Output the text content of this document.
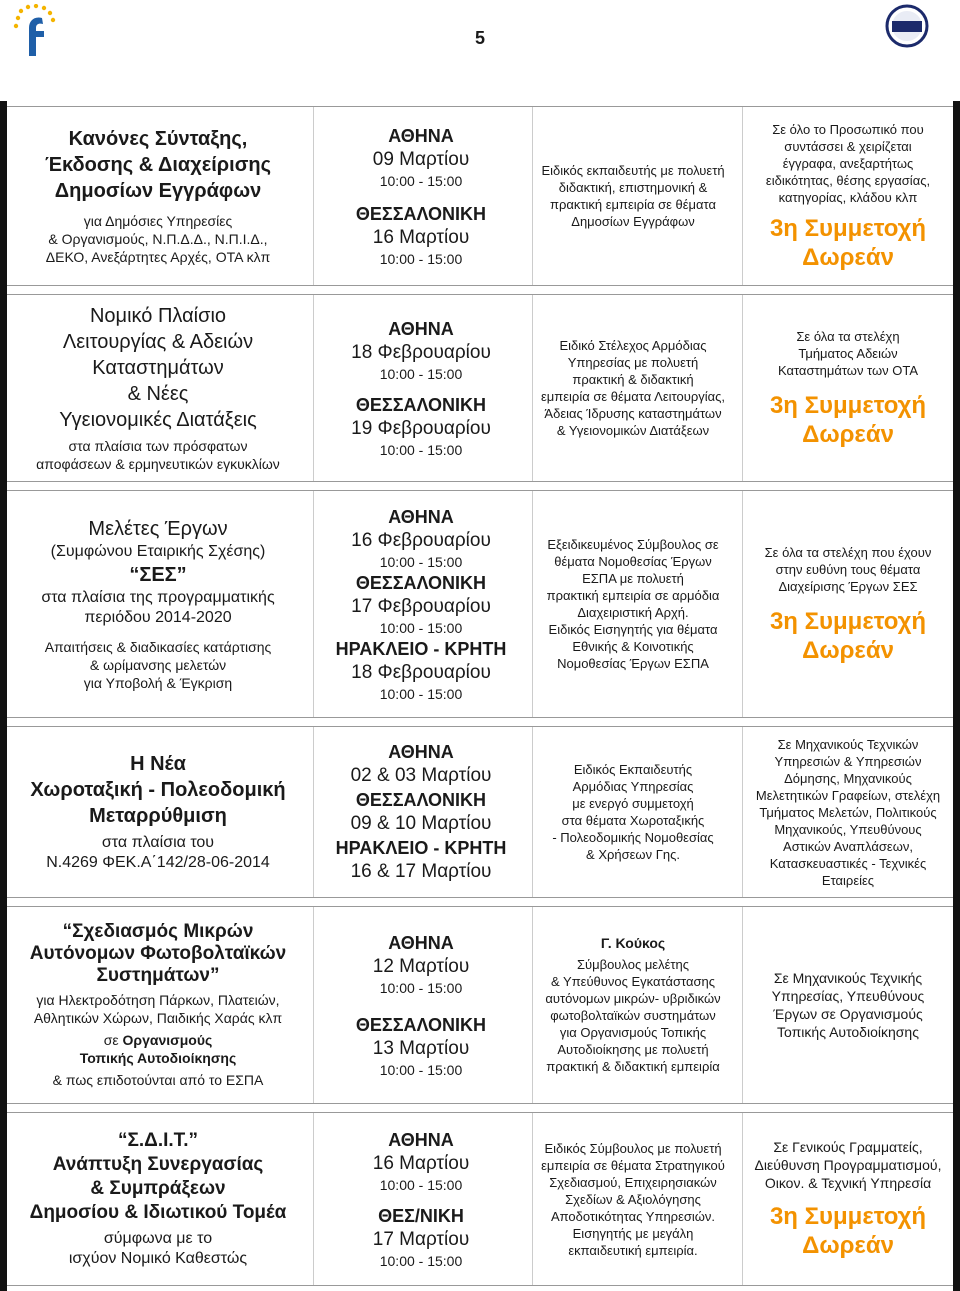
5
Κανόνες Σύνταξης,
Έκδοσης & Διαχείρισης
Δημοσίων Εγγράφων
για Δημόσιες Υπηρεσίες
& Οργανισμούς, Ν.Π.Δ.Δ., Ν.Π.Ι.Δ.,
ΔΕΚΟ, Ανεξάρτητες Αρχές, ΟΤΑ κλπ
ΑΘΗΝΑ
09 Μαρτίου
10:00 - 15:00
ΘΕΣΣΑΛΟΝΙΚΗ
16 Μαρτίου
10:00 - 15:00
Ειδικός εκπαιδευτής με πολυετή
διδακτική, επιστημονική &
πρακτική εμπειρία σε θέματα
Δημοσίων Εγγράφων
Σε όλο το Προσωπικό που
συντάσσει & χειρίζεται
έγγραφα, ανεξαρτήτως
ειδικότητας, θέσης εργασίας,
κατηγορίας, κλάδου κλπ
3η Συμμετοχή
Δωρεάν
Νομικό Πλαίσιο
Λειτουργίας & Αδειών
Καταστημάτων
& Νέες
Υγειονομικές Διατάξεις
στα πλαίσια των πρόσφατων
αποφάσεων & ερμηνευτικών εγκυκλίων
ΑΘΗΝΑ
18 Φεβρουαρίου
10:00 - 15:00
ΘΕΣΣΑΛΟΝΙΚΗ
19 Φεβρουαρίου
10:00 - 15:00
Ειδικό Στέλεχος Αρμόδιας
Υπηρεσίας με πολυετή
πρακτική & διδακτική
εμπειρία σε θέματα Λειτουργίας,
Άδειας Ίδρυσης καταστημάτων
& Υγειονομικών Διατάξεων
Σε όλα τα στελέχη
Τμήματος Αδειών
Καταστημάτων των ΟΤΑ
3η Συμμετοχή
Δωρεάν
Μελέτες Έργων
(Συμφώνου Εταιρικής Σχέσης)
“ΣΕΣ”
στα πλαίσια της προγραμματικής
περιόδου 2014-2020
Απαιτήσεις & διαδικασίες κατάρτισης
& ωρίμανσης μελετών
για Υποβολή & Έγκριση
ΑΘΗΝΑ
16 Φεβρουαρίου
10:00 - 15:00
ΘΕΣΣΑΛΟΝΙΚΗ
17 Φεβρουαρίου
10:00 - 15:00
ΗΡΑΚΛΕΙΟ - ΚΡΗΤΗ
18 Φεβρουαρίου
10:00 - 15:00
Εξειδικευμένος Σύμβουλος σε
θέματα Νομοθεσίας Έργων
ΕΣΠΑ με πολυετή
πρακτική εμπειρία σε αρμόδια
Διαχειριστική Αρχή.
Ειδικός Εισηγητής για θέματα
Εθνικής & Κοινοτικής
Νομοθεσίας Έργων ΕΣΠΑ
Σε όλα τα στελέχη που έχουν
στην ευθύνη τους θέματα
Διαχείρισης Έργων ΣΕΣ
3η Συμμετοχή
Δωρεάν
Η Νέα
Χωροταξική - Πολεοδομική
Μεταρρύθμιση
στα πλαίσια του
Ν.4269 ΦΕΚ.Α΄142/28-06-2014
ΑΘΗΝΑ
02 & 03 Μαρτίου
ΘΕΣΣΑΛΟΝΙΚΗ
09 & 10 Μαρτίου
ΗΡΑΚΛΕΙΟ - ΚΡΗΤΗ
16 & 17 Μαρτίου
Ειδικός Εκπαιδευτής
Αρμόδιας Υπηρεσίας
με ενεργό συμμετοχή
στα θέματα Χωροταξικής
- Πολεοδομικής Νομοθεσίας
& Χρήσεων Γης.
Σε Μηχανικούς Τεχνικών
Υπηρεσιών & Υπηρεσιών
Δόμησης, Μηχανικούς
Μελετητικών Γραφείων, στελέχη
Τμήματος Μελετών, Πολιτικούς
Μηχανικούς, Υπευθύνους
Αστικών Αναπλάσεων,
Κατασκευαστικές - Τεχνικές
Εταιρείες
“Σχεδιασμός Μικρών
Αυτόνομων Φωτοβολταϊκών
Συστημάτων”
για Ηλεκτροδότηση Πάρκων, Πλατειών,
Αθλητικών Χώρων, Παιδικής Χαράς κλπ
σε Οργανισμούς
Τοπικής Αυτοδιοίκησης
& πως επιδοτούνται από το ΕΣΠΑ
ΑΘΗΝΑ
12 Μαρτίου
10:00 - 15:00
ΘΕΣΣΑΛΟΝΙΚΗ
13 Μαρτίου
10:00 - 15:00
Γ. Κούκος
Σύμβουλος μελέτης
& Υπεύθυνος Εγκατάστασης
αυτόνομων μικρών- υβριδικών
φωτοβολταϊκών συστημάτων
για Οργανισμούς Τοπικής
Αυτοδιοίκησης με πολυετή
πρακτική & διδακτική εμπειρία
Σε Μηχανικούς Τεχνικής
Υπηρεσίας, Υπευθύνους
Έργων σε Οργανισμούς
Τοπικής Αυτοδιοίκησης
“Σ.Δ.Ι.Τ.”
Ανάπτυξη Συνεργασίας
& Συμπράξεων
Δημοσίου & Ιδιωτικού Τομέα
σύμφωνα με το
ισχύον Νομικό Καθεστώς
ΑΘΗΝΑ
16 Μαρτίου
10:00 - 15:00
ΘΕΣ/ΝΙΚΗ
17 Μαρτίου
10:00 - 15:00
Ειδικός Σύμβουλος με πολυετή
εμπειρία σε θέματα Στρατηγικού
Σχεδιασμού, Επιχειρησιακών
Σχεδίων & Αξιολόγησης
Αποδοτικότητας Υπηρεσιών.
Εισηγητής με μεγάλη
εκπαιδευτική εμπειρία.
Σε Γενικούς Γραμματείς,
Διεύθυνση Προγραμματισμού,
Οικον. & Τεχνική Υπηρεσία
3η Συμμετοχή
Δωρεάν
